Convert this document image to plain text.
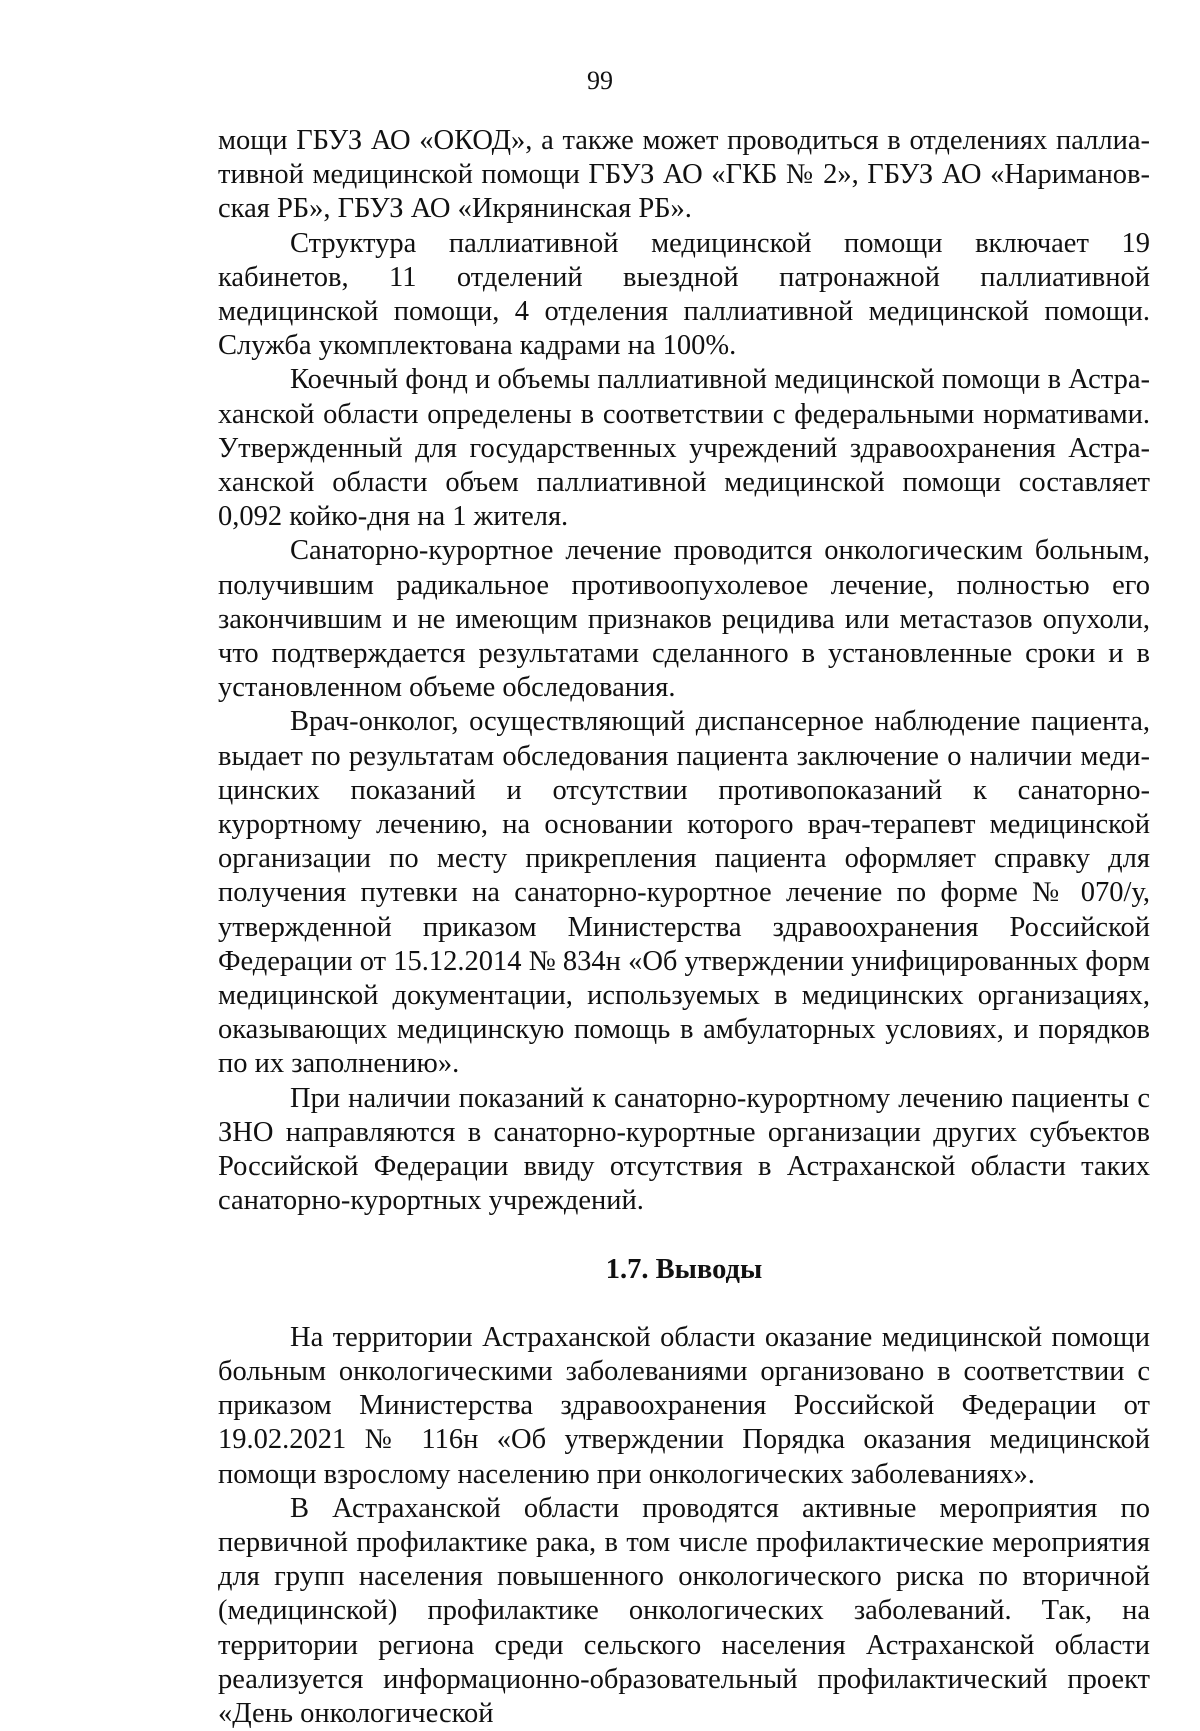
99

мощи ГБУЗ АО «ОКОД», а также может проводиться в отделениях паллиативной медицинской помощи ГБУЗ АО «ГКБ № 2», ГБУЗ АО «Наримановская РБ», ГБУЗ АО «Икрянинская РБ».

Структура паллиативной медицинской помощи включает 19 кабинетов, 11 отделений выездной патронажной паллиативной медицинской помощи, 4 отделения паллиативной медицинской помощи. Служба укомплектована кадрами на 100%.

Коечный фонд и объемы паллиативной медицинской помощи в Астраханской области определены в соответствии с федеральными нормативами. Утвержденный для государственных учреждений здравоохранения Астраханской области объем паллиативной медицинской помощи составляет 0,092 койко-дня на 1 жителя.

Санаторно-курортное лечение проводится онкологическим больным, получившим радикальное противоопухолевое лечение, полностью его закончившим и не имеющим признаков рецидива или метастазов опухоли, что подтверждается результатами сделанного в установленные сроки и в установленном объеме обследования.

Врач-онколог, осуществляющий диспансерное наблюдение пациента, выдает по результатам обследования пациента заключение о наличии медицинских показаний и отсутствии противопоказаний к санаторно-курортному лечению, на основании которого врач-терапевт медицинской организации по месту прикрепления пациента оформляет справку для получения путевки на санаторно-курортное лечение по форме № 070/у, утвержденной приказом Министерства здравоохранения Российской Федерации от 15.12.2014 № 834н «Об утверждении унифицированных форм медицинской документации, используемых в медицинских организациях, оказывающих медицинскую помощь в амбулаторных условиях, и порядков по их заполнению».

При наличии показаний к санаторно-курортному лечению пациенты с ЗНО направляются в санаторно-курортные организации других субъектов Российской Федерации ввиду отсутствия в Астраханской области таких санаторно-курортных учреждений.

1.7. Выводы

На территории Астраханской области оказание медицинской помощи больным онкологическими заболеваниями организовано в соответствии с приказом Министерства здравоохранения Российской Федерации от 19.02.2021 № 116н «Об утверждении Порядка оказания медицинской помощи взрослому населению при онкологических заболеваниях».

В Астраханской области проводятся активные мероприятия по первичной профилактике рака, в том числе профилактические мероприятия для групп населения повышенного онкологического риска по вторичной (медицинской) профилактике онкологических заболеваний. Так, на территории региона среди сельского населения Астраханской области реализуется информационно-образовательный профилактический проект «День онкологической
